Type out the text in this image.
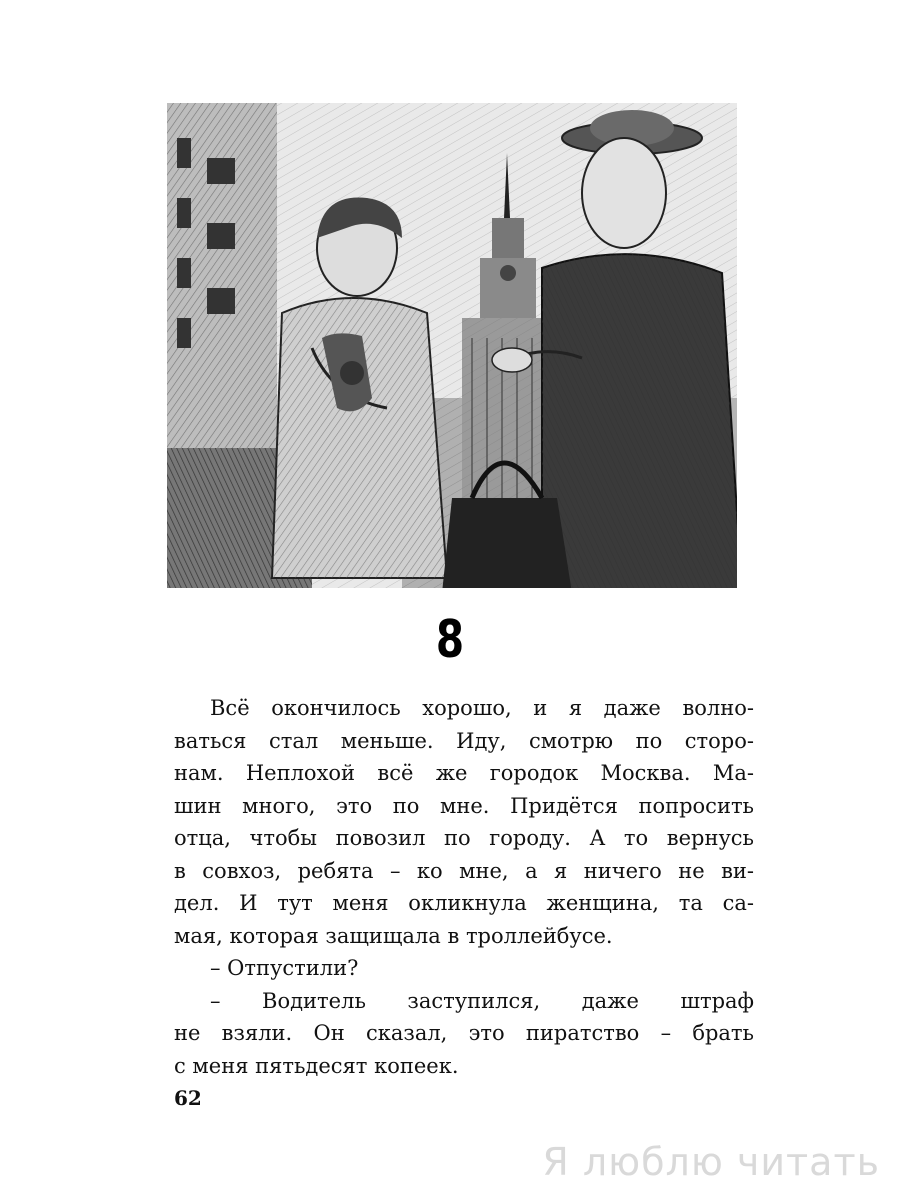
8
Всё окончилось хорошо, и я даже волно-
ваться стал меньше. Иду, смотрю по сторо-
нам. Неплохой всё же городок Москва. Ма-
шин много, это по мне. Придётся попросить
отца, чтобы повозил по городу. А то вернусь
в совхоз, ребята – ко мне, а я ничего не ви-
дел. И тут меня окликнула женщина, та са-
мая, которая защищала в троллейбусе.
– Отпустили?
– Водитель заступился, даже штраф
не взяли. Он сказал, это пиратство – брать
с меня пятьдесят копеек.
62
Я люблю читать
